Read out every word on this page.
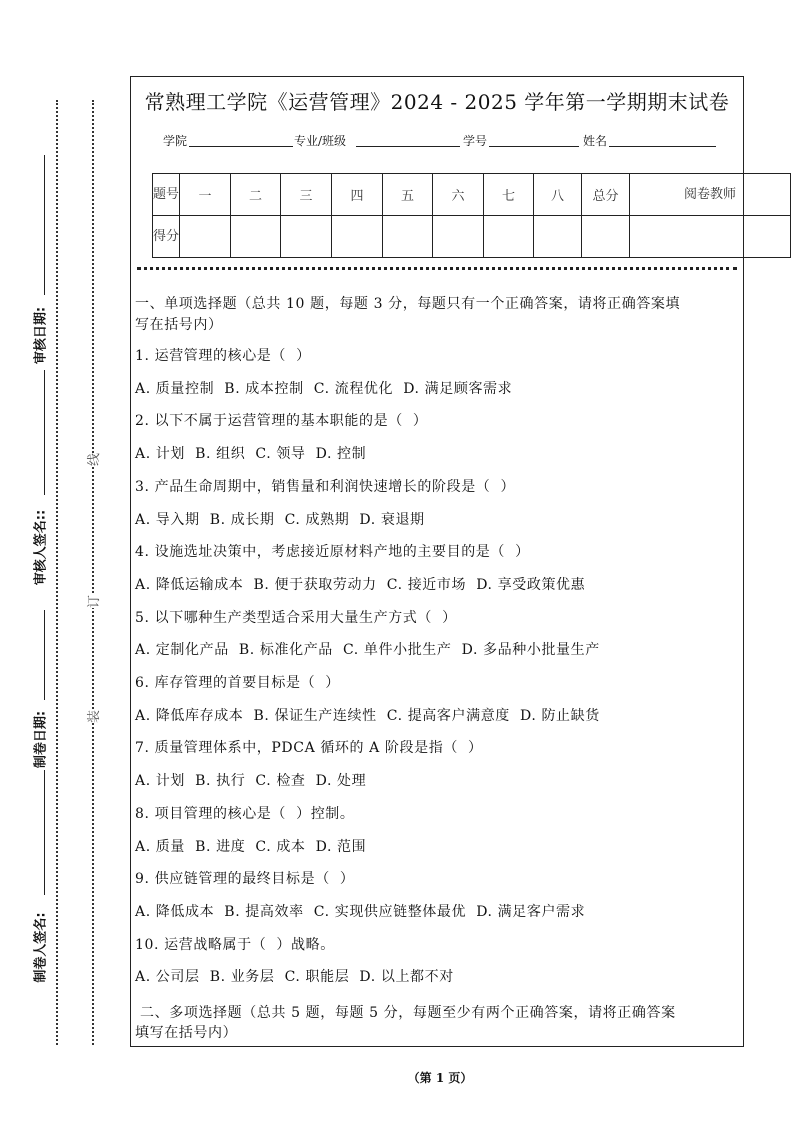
线
订
装
审核日期:
审核人签名::
制卷日期:
制卷人签名:
常熟理工学院《运营管理》2024 - 2025 学年第一学期期末试卷
学院	专业/班级	学号	姓名
题号	一	二	三	四	五	六	七	八	总分	阅卷教师
得分										
一、单项选择题（总共 10 题，每题 3 分，每题只有一个正确答案，请将正确答案填
写在括号内）
1. 运营管理的核心是（  ）
A. 质量控制  B. 成本控制  C. 流程优化  D. 满足顾客需求
2. 以下不属于运营管理的基本职能的是（  ）
A. 计划  B. 组织  C. 领导  D. 控制
3. 产品生命周期中，销售量和利润快速增长的阶段是（  ）
A. 导入期  B. 成长期  C. 成熟期  D. 衰退期
4. 设施选址决策中，考虑接近原材料产地的主要目的是（  ）
A. 降低运输成本  B. 便于获取劳动力  C. 接近市场  D. 享受政策优惠
5. 以下哪种生产类型适合采用大量生产方式（  ）
A. 定制化产品  B. 标准化产品  C. 单件小批生产  D. 多品种小批量生产
6. 库存管理的首要目标是（  ）
A. 降低库存成本  B. 保证生产连续性  C. 提高客户满意度  D. 防止缺货
7. 质量管理体系中，PDCA 循环的 A 阶段是指（  ）
A. 计划  B. 执行  C. 检查  D. 处理
8. 项目管理的核心是（  ）控制。
A. 质量  B. 进度  C. 成本  D. 范围
9. 供应链管理的最终目标是（  ）
A. 降低成本  B. 提高效率  C. 实现供应链整体最优  D. 满足客户需求
10. 运营战略属于（  ）战略。
A. 公司层  B. 业务层  C. 职能层  D. 以上都不对
二、多项选择题（总共 5 题，每题 5 分，每题至少有两个正确答案，请将正确答案
填写在括号内）
（第 1 页）
